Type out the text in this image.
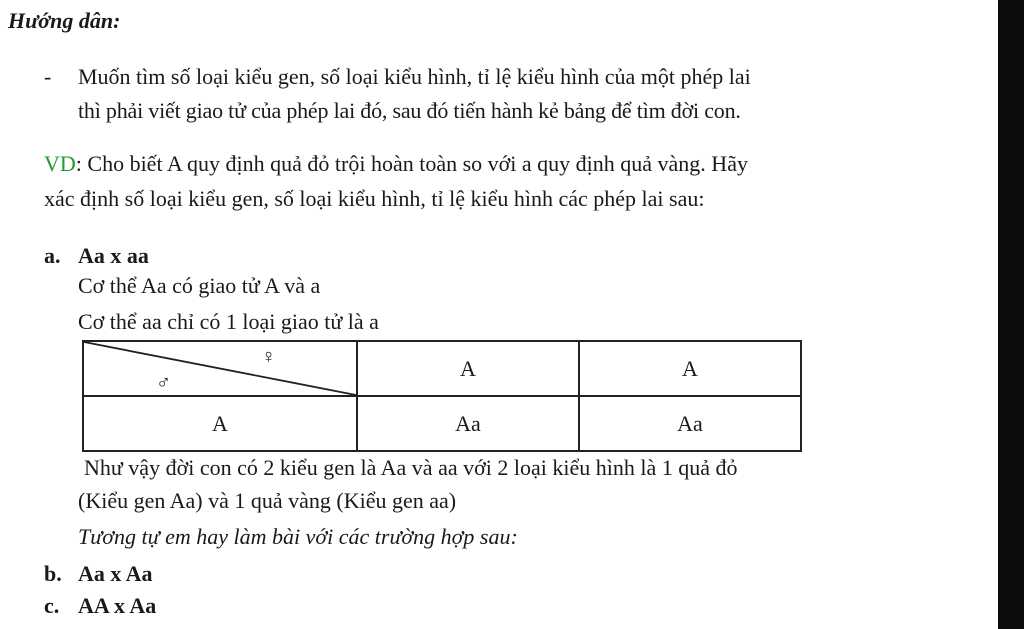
Hướng dân:
- Muốn tìm số loại kiểu gen, số loại kiểu hình, tỉ lệ kiểu hình của một phép lai
thì phải viết giao tử của phép lai đó, sau đó tiến hành kẻ bảng để tìm đời con.
VD: Cho biết A quy định quả đỏ trội hoàn toàn so với a quy định quả vàng. Hãy
xác định số loại kiểu gen, số loại kiểu hình, tỉ lệ kiểu hình các phép lai sau:
a. Aa x aa
Cơ thể Aa có giao tử A và a
Cơ thể aa chỉ có 1 loại giao tử là a
♀
♂	A	A
A	Aa	Aa
Như vậy đời con có 2 kiểu gen là Aa và aa với 2 loại kiểu hình là 1 quả đỏ
(Kiểu gen Aa) và 1 quả vàng (Kiểu gen aa)
Tương tự em hay làm bài với các trường hợp sau:
b. Aa x Aa
c. AA x Aa
